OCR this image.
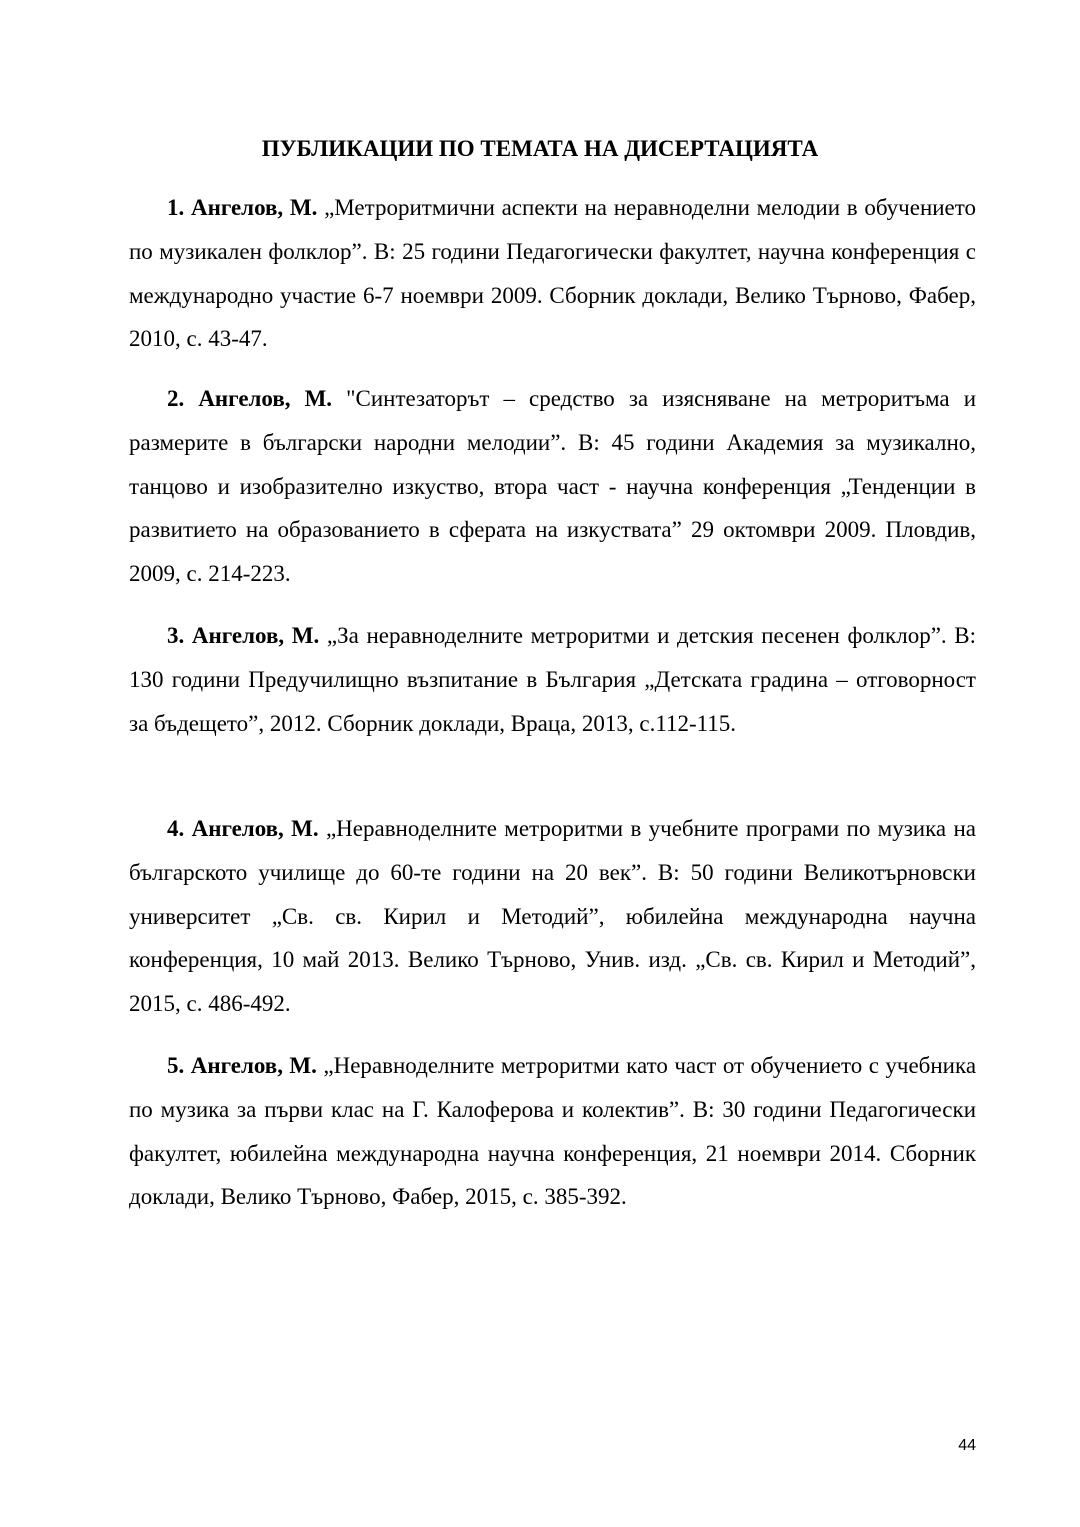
ПУБЛИКАЦИИ ПО ТЕМАТА НА ДИСЕРТАЦИЯТА

1. Ангелов, М. „Метроритмични аспекти на неравноделни мелодии в обучението по музикален фолклор”. В: 25 години Педагогически факултет, научна конференция с международно участие 6-7 ноември 2009. Сборник доклади, Велико Търново, Фабер, 2010, с. 43-47.

2. Ангелов, М. "Синтезаторът – средство за изясняване на метроритъма и размерите в български народни мелодии”. В: 45 години Академия за музикално, танцово и изобразително изкуство, втора част - научна конференция „Тенденции в развитието на образованието в сферата на изкуствата” 29 октомври 2009. Пловдив, 2009, с. 214-223.

3. Ангелов, М. „За неравноделните метроритми и детския песенен фолклор”. В: 130 години Предучилищно възпитание в България „Детската градина – отговорност за бъдещето”, 2012. Сборник доклади, Враца, 2013, с.112-115.

4. Ангелов, М. „Неравноделните метроритми в учебните програми по музика на българското училище до 60-те години на 20 век”. В: 50 години Великотърновски университет „Св. св. Кирил и Методий”, юбилейна международна научна конференция, 10 май 2013. Велико Търново, Унив. изд. „Св. св. Кирил и Методий”, 2015, с. 486-492.

5. Ангелов, М. „Неравноделните метроритми като част от обучението с учебника по музика за първи клас на Г. Калоферова и колектив”. В: 30 години Педагогически факултет, юбилейна международна научна конференция, 21 ноември 2014. Сборник доклади, Велико Търново, Фабер, 2015, с. 385-392.

44
